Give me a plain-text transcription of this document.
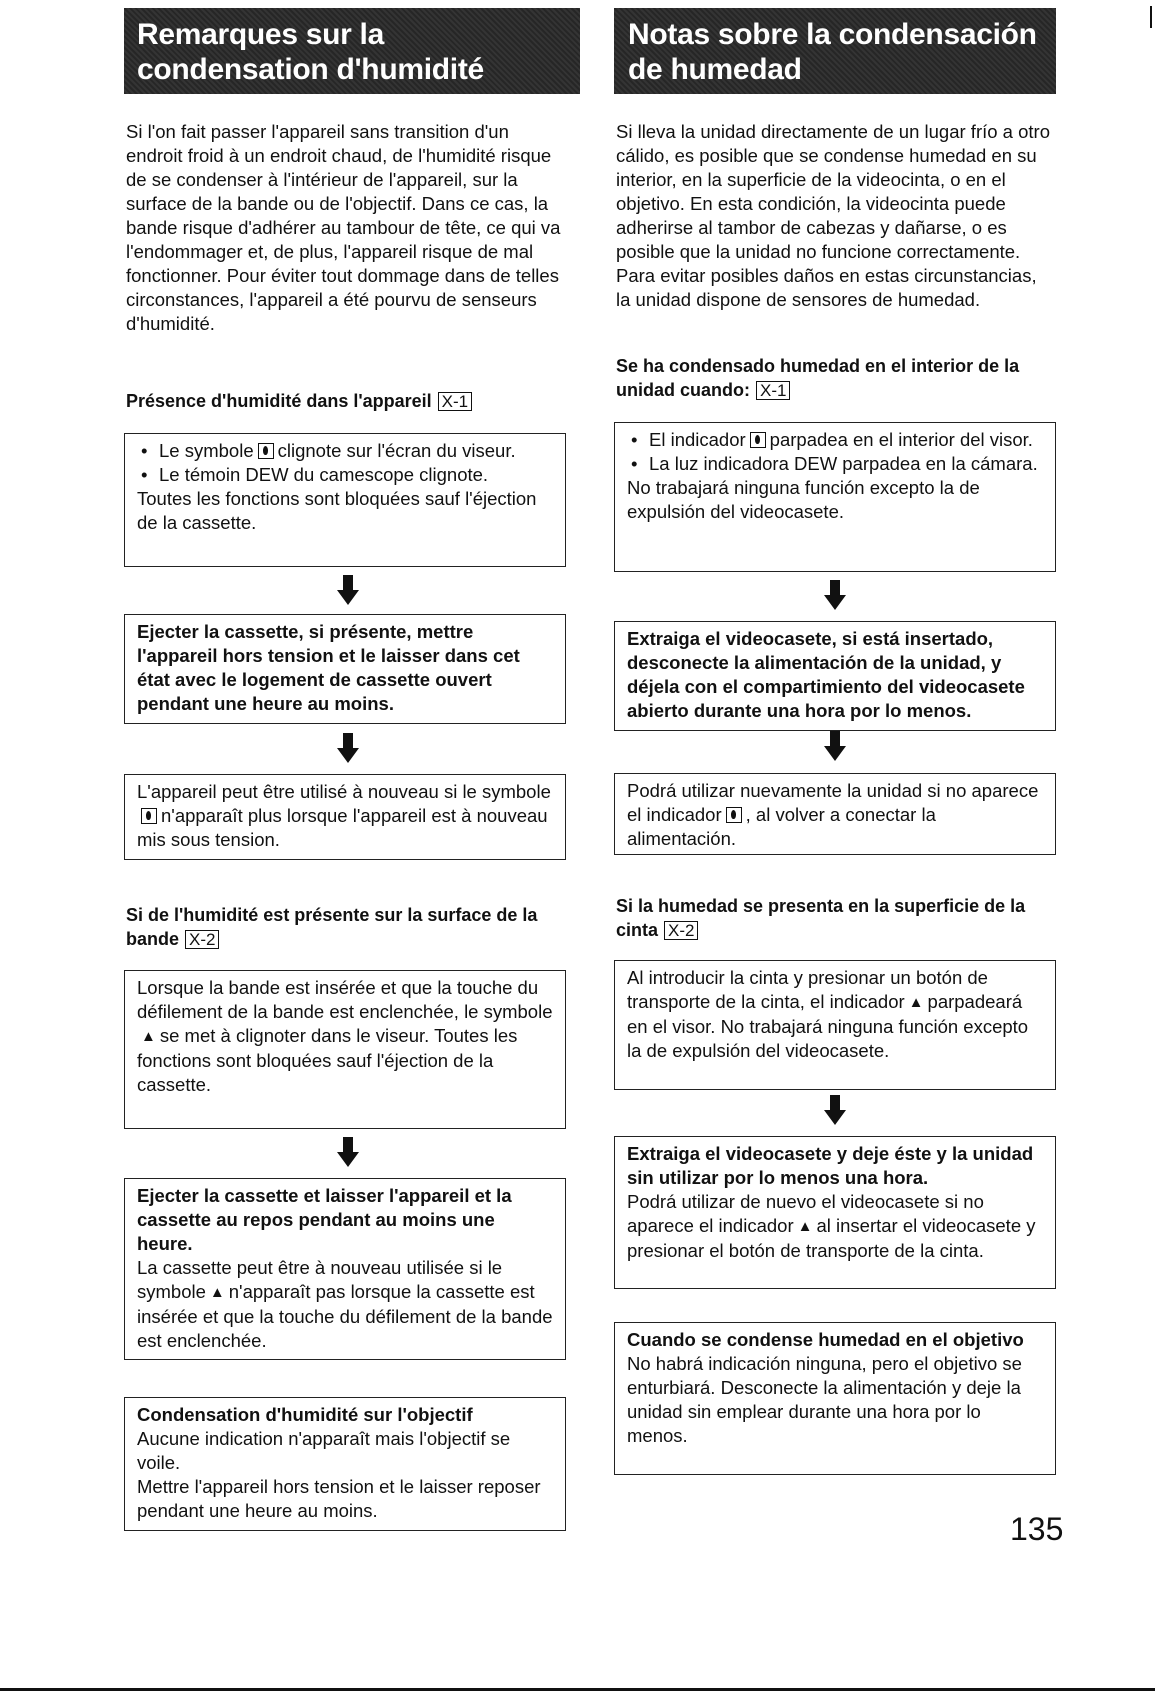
Remarques sur la
condensation d'humidité

Si l'on fait passer l'appareil sans transition d'un endroit froid à un endroit chaud, de l'humidité risque de se condenser à l'intérieur de l'appareil, sur la surface de la bande ou de l'objectif. Dans ce cas, la bande risque d'adhérer au tambour de tête, ce qui va l'endommager et, de plus, l'appareil risque de mal fonctionner. Pour éviter tout dommage dans de telles circonstances, l'appareil a été pourvu de senseurs d'humidité.

Présence d'humidité dans l'appareil X-1

• Le symbole clignote sur l'écran du viseur.
• Le témoin DEW du camescope clignote.

Toutes les fonctions sont bloquées sauf l'éjection de la cassette.

Ejecter la cassette, si présente, mettre l'appareil hors tension et le laisser dans cet état avec le logement de cassette ouvert pendant une heure au moins.

L'appareil peut être utilisé à nouveau si le symbolen'apparaît plus lorsque l'appareil est à nouveau mis sous tension.

Si de l'humidité est présente sur la surface de la bande X-2

Lorsque la bande est insérée et que la touche du défilement de la bande est enclenchée, le symbole▲ se met à clignoter dans le viseur. Toutes les fonctions sont bloquées sauf l'éjection de la cassette.

Ejecter la cassette et laisser l'appareil et la cassette au repos pendant au moins une heure.

La cassette peut être à nouveau utilisée si le symbole ▲ n'apparaît pas lorsque la cassette est insérée et que la touche du défilement de la bande est enclenchée.

Condensation d'humidité sur l'objectif

Aucune indication n'apparaît mais l'objectif se voile.

Mettre l'appareil hors tension et le laisser reposer pendant une heure au moins.

Notas sobre la condensación
de humedad

Si lleva la unidad directamente de un lugar frío a otro cálido, es posible que se condense humedad en su interior, en la superficie de la videocinta, o en el objetivo. En esta condición, la videocinta puede adherirse al tambor de cabezas y dañarse, o es posible que la unidad no funcione correctamente. Para evitar posibles daños en estas circunstancias, la unidad dispone de sensores de humedad.

Se ha condensado humedad en el interior de la unidad cuando: X-1

• El indicador parpadea en el interior del visor.
• La luz indicadora DEW parpadea en la cámara.

No trabajará ninguna función excepto la de expulsión del videocasete.

Extraiga el videocasete, si está insertado, desconecte la alimentación de la unidad, y déjela con el compartimiento del videocasete abierto durante una hora por lo menos.

Podrá utilizar nuevamente la unidad si no aparece el indicador , al volver a conectar la alimentación.

Si la humedad se presenta en la superficie de la cinta X-2

Al introducir la cinta y presionar un botón de transporte de la cinta, el indicador ▲ parpadeará en el visor. No trabajará ninguna función excepto la de expulsión del videocasete.

Extraiga el videocasete y deje éste y la unidad sin utilizar por lo menos una hora.

Podrá utilizar de nuevo el videocasete si no aparece el indicador ▲ al insertar el videocasete y presionar el botón de transporte de la cinta.

Cuando se condense humedad en el objetivo

No habrá indicación ninguna, pero el objetivo se enturbiará. Desconecte la alimentación y deje la unidad sin emplear durante una hora por lo menos.

135
